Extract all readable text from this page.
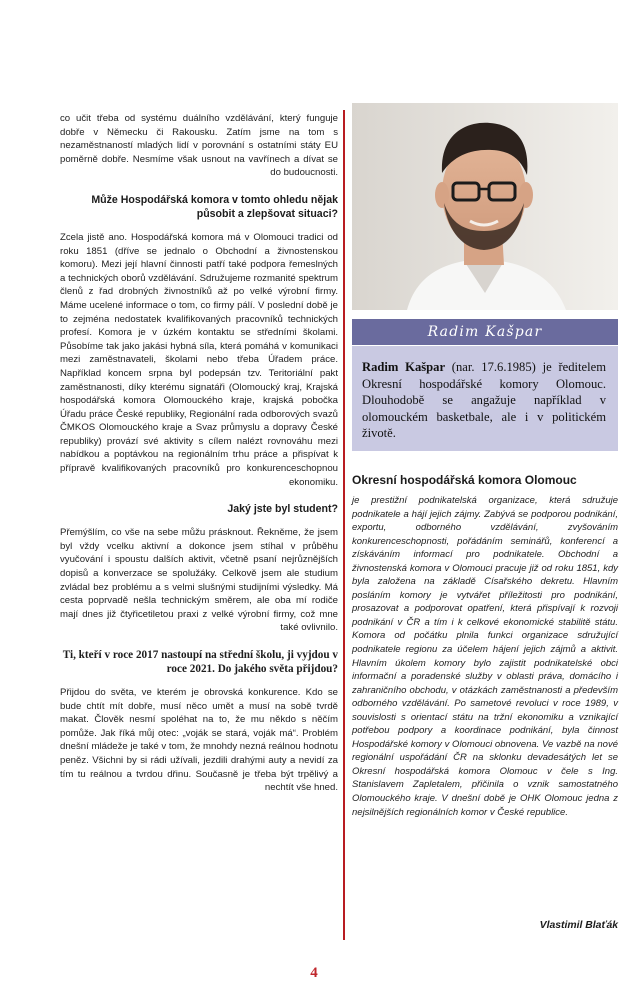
co učit třeba od systému duálního vzdělávání, který funguje dobře v Německu či Rakousku. Zatím jsme na tom s nezaměstnaností mladých lidí v porovnání s ostatními státy EU poměrně dobře. Nesmíme však usnout na vavřínech a dívat se do budoucnosti.

Může Hospodářská komora v tomto ohledu nějak působit a zlepšovat situaci?

Zcela jistě ano. Hospodářská komora má v Olomouci tradici od roku 1851 (dříve se jednalo o Obchodní a živnostenskou komoru). Mezi její hlavní činnosti patří také podpora řemeslných a technických oborů vzdělávání. Sdružujeme rozmanité spektrum členů z řad drobných živnostníků až po velké výrobní firmy. Máme ucelené informace o tom, co firmy pálí. V poslední době je to zejména nedostatek kvalifikovaných pracovníků technických profesí. Komora je v úzkém kontaktu se středními školami. Působíme tak jako jakási hybná síla, která pomáhá v komunikaci mezi zaměstnavateli, školami nebo třeba Úřadem práce. Například koncem srpna byl podepsán tzv. Teritoriální pakt zaměstnanosti, díky kterému signatáři (Olomoucký kraj, Krajská hospodářská komora Olomouckého kraje, krajská pobočka Úřadu práce České republiky, Regionální rada odborových svazů ČMKOS Olomouckého kraje a Svaz průmyslu a dopravy České republiky) provází své aktivity s cílem nalézt rovnováhu mezi nabídkou a poptávkou na regionálním trhu práce a přispívat k přípravě kvalifikovaných pracovníků pro konkurenceschopnou ekonomiku.

Jaký jste byl student?

Přemýšlím, co vše na sebe můžu prásknout. Řekněme, že jsem byl vždy vcelku aktivní a dokonce jsem stíhal v průběhu vyučování i spoustu dalších aktivit, včetně psaní nejrůznějších dopisů a konverzace se spolužáky. Celkově jsem ale studium zvládal bez problému a s velmi slušnými studijními výsledky. Má cesta poprvadě nešla technickým směrem, ale oba mí rodiče mají dnes již čtyřicetiletou praxi z velké výrobní firmy, což mne také ovlivnilo.

Ti, kteří v roce 2017 nastoupí na střední školu, ji vyjdou v roce 2021. Do jakého světa přijdou?

Přijdou do světa, ve kterém je obrovská konkurence. Kdo se bude chtít mít dobře, musí něco umět a musí na sobě tvrdě makat. Člověk nesmí spoléhat na to, že mu někdo s něčím pomůže. Jak říká můj otec: „voják se stará, voják má“. Problém dnešní mládeže je také v tom, že mnohdy nezná reálnou hodnotu peněz. Všichni by si rádi užívali, jezdili drahými auty a nevidí za tím tu reálnou a tvrdou dřinu. Současně je třeba být trpělivý a nechtít vše hned.

Radim Kašpar

Radim Kašpar (nar. 17.6.1985) je ředitelem Okresní hospodářské komory Olomouc. Dlouhodobě se angažuje například v olomouckém basketbale, ale i v politickém životě.

Okresní hospodářská komora Olomouc

je prestižní podnikatelská organizace, která sdružuje podnikatele a hájí jejich zájmy. Zabývá se podporou podnikání, exportu, odborného vzdělávání, zvyšováním konkurenceschopnosti, pořádáním seminářů, konferencí a získáváním informací pro podnikatele. Obchodní a živnostenská komora v Olomouci pracuje již od roku 1851, kdy byla založena na základě Císařského dekretu. Hlavním posláním komory je vytvářet příležitosti pro podnikání, prosazovat a podporovat opatření, která přispívají k rozvoji podnikání v ČR a tím i k celkové ekonomické stabilitě státu. Komora od počátku plnila funkci organizace sdružující podnikatele regionu za účelem hájení jejich zájmů a aktivit. Hlavním úkolem komory bylo zajistit podnikatelské obci informační a poradenské služby v oblasti práva, domácího i zahraničního obchodu, v otázkách zaměstnanosti a především odborného vzdělávání. Po sametové revoluci v roce 1989, v souvislosti s orientací státu na tržní ekonomiku a vznikající potřebou podpory a koordinace podnikání, byla činnost Hospodářské komory v Olomouci obnovena. Ve vazbě na nové regionální uspořádání ČR na sklonku devadesátých let se Okresní hospodářská komora Olomouc v čele s Ing. Stanislavem Zapletalem, přičinila o vznik samostatného Olomouckého kraje. V dnešní době je OHK Olomouc jedna z nejsilnějších regionálních komor v České republice.

Vlastimil Blaťák
4
